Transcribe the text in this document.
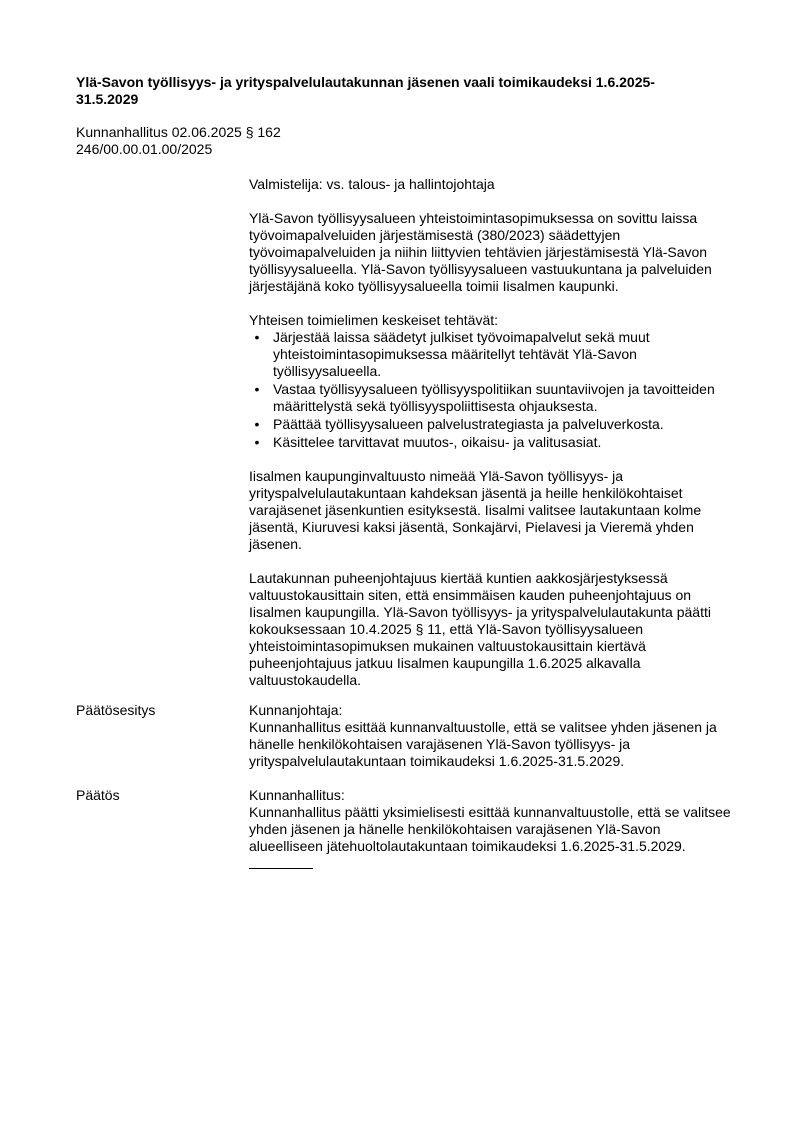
Ylä-Savon työllisyys- ja yrityspalvelulautakunnan jäsenen vaali toimikaudeksi 1.6.2025-31.5.2029
Kunnanhallitus 02.06.2025 § 162
246/00.00.01.00/2025

Valmistelija: vs. talous- ja hallintojohtaja

Ylä-Savon työllisyysalueen yhteistoimintasopimuksessa on sovittu laissa työvoimapalveluiden järjestämisestä (380/2023) säädettyjen työvoimapalveluiden ja niihin liittyvien tehtävien järjestämisestä Ylä-Savon työllisyysalueella. Ylä-Savon työllisyysalueen vastuukuntana ja palveluiden järjestäjänä koko työllisyysalueella toimii Iisalmen kaupunki.

Yhteisen toimielimen keskeiset tehtävät:
• Järjestää laissa säädetyt julkiset työvoimapalvelut sekä muut yhteistoimintasopimuksessa määritellyt tehtävät Ylä-Savon työllisyysalueella.
• Vastaa työllisyysalueen työllisyyspolitiikan suuntaviivojen ja tavoitteiden määrittelystä sekä työllisyyspoliittisesta ohjauksesta.
• Päättää työllisyysalueen palvelustrategiasta ja palveluverkosta.
• Käsittelee tarvittavat muutos-, oikaisu- ja valitusasiat.

Iisalmen kaupunginvaltuusto nimeää Ylä-Savon työllisyys- ja yrityspalvelulautakuntaan kahdeksan jäsentä ja heille henkilökohtaiset varajäsenet jäsenkuntien esityksestä. Iisalmi valitsee lautakuntaan kolme jäsentä, Kiuruvesi kaksi jäsentä, Sonkajärvi, Pielavesi ja Vieremä yhden jäsenen.

Lautakunnan puheenjohtajuus kiertää kuntien aakkosjärjestyksessä valtuustokausittain siten, että ensimmäisen kauden puheenjohtajuus on Iisalmen kaupungilla. Ylä-Savon työllisyys- ja yrityspalvelulautakunta päätti kokouksessaan 10.4.2025 § 11, että Ylä-Savon työllisyysalueen yhteistoimintasopimuksen mukainen valtuustokausittain kiertävä puheenjohtajuus jatkuu Iisalmen kaupungilla 1.6.2025 alkavalla valtuustokaudella.

Päätösesitys	Kunnanjohtaja:
Kunnanhallitus esittää kunnanvaltuustolle, että se valitsee yhden jäsenen ja hänelle henkilökohtaisen varajäsenen Ylä-Savon työllisyys- ja yrityspalvelulautakuntaan toimikaudeksi 1.6.2025-31.5.2029.
Päätös	Kunnanhallitus:
Kunnanhallitus päätti yksimielisesti esittää kunnanvaltuustolle, että se valitsee yhden jäsenen ja hänelle henkilökohtaisen varajäsenen Ylä-Savon alueelliseen jätehuoltolautakuntaan toimikaudeksi 1.6.2025-31.5.2029.
